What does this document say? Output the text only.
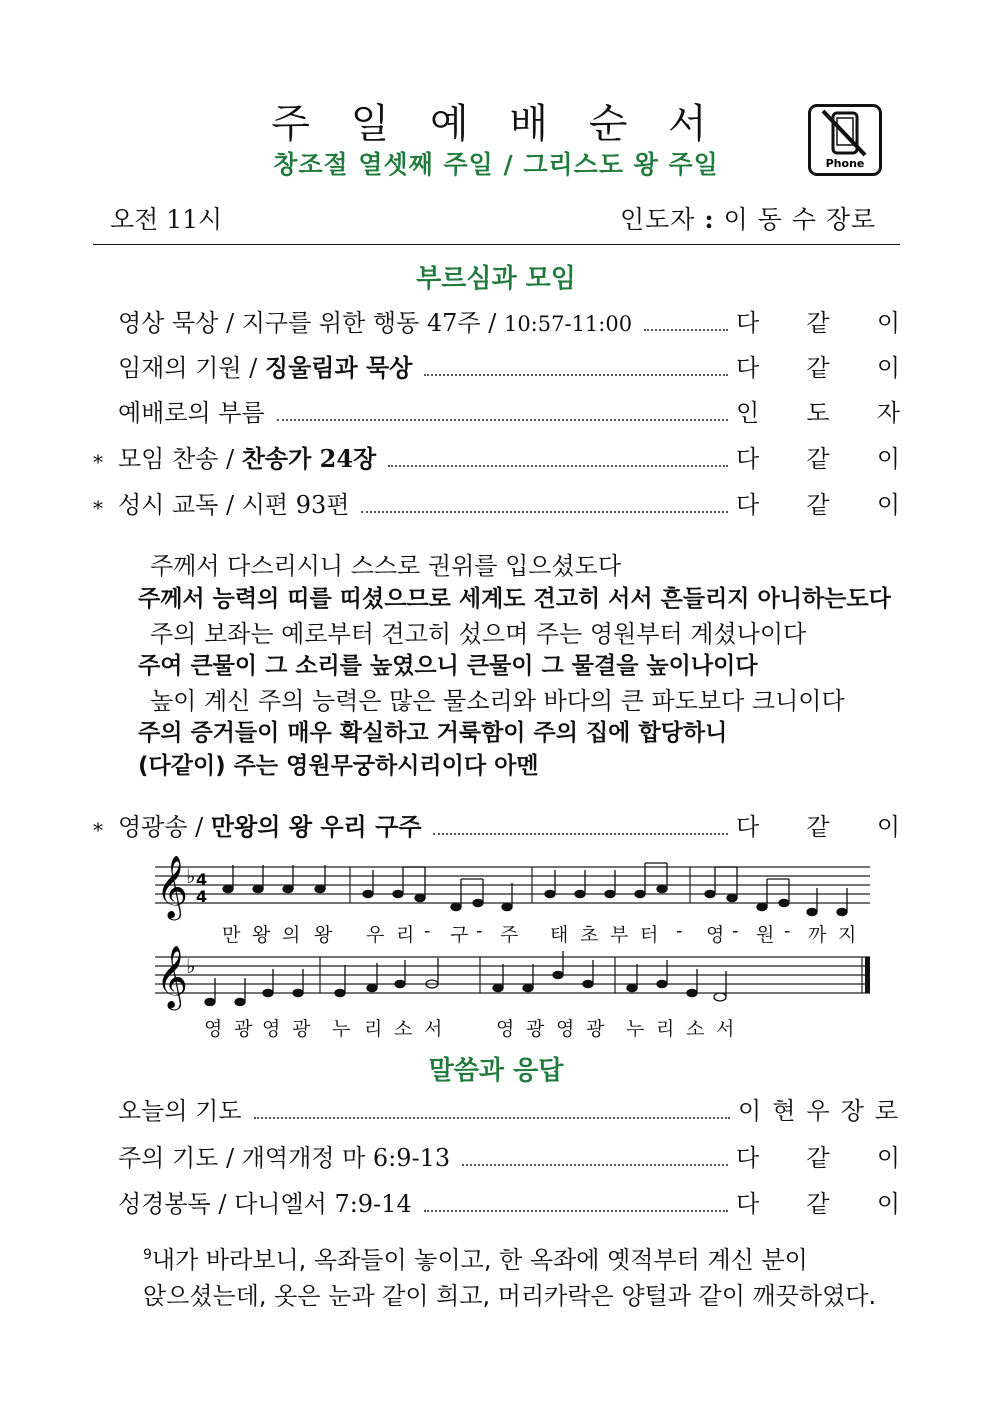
주 일 예 배 순 서
창조절 열셋째 주일 / 그리스도 왕 주일	Phone
오전 11시	인도자 : 이 동 수 장로
부르심과 모임
영상 묵상 / 지구를 위한 행동 47주 / 10:57-11:00	다 같 이
임재의 기원 / 징울림과 묵상	다 같 이
예배로의 부름	인 도 자
* 모임 찬송 / 찬송가 24장	다 같 이
* 성시 교독 / 시편 93편	다 같 이
주께서 다스리시니 스스로 권위를 입으셨도다
주께서 능력의 띠를 띠셨으므로 세계도 견고히 서서 흔들리지 아니하는도다
주의 보좌는 예로부터 견고히 섰으며 주는 영원부터 계셨나이다
주여 큰물이 그 소리를 높였으니 큰물이 그 물결을 높이나이다
높이 계신 주의 능력은 많은 물소리와 바다의 큰 파도보다 크니이다
주의 증거들이 매우 확실하고 거룩함이 주의 집에 합당하니
(다같이) 주는 영원무궁하시리이다 아멘
* 영광송 / 만왕의 왕 우리 구주	다 같 이
𝄞
𝄞
♭
♭
4
4
만 왕 의 왕 우 리 - 구 - 주 태 초 부 터 - 영 - 원 - 까 지
영 광 영 광 누 리 소 서	영 광 영 광 누 리 소 서
말씀과 응답
오늘의 기도	이 현 우 장 로
주의 기도 / 개역개정 마 6:9-13	다 같 이
성경봉독 / 다니엘서 7:9-14	다 같 이
$^9$내가 바라보니, 옥좌들이 놓이고, 한 옥좌에 옛적부터 계신 분이
앉으셨는데, 옷은 눈과 같이 희고, 머리카락은 양털과 같이 깨끗하였다.
